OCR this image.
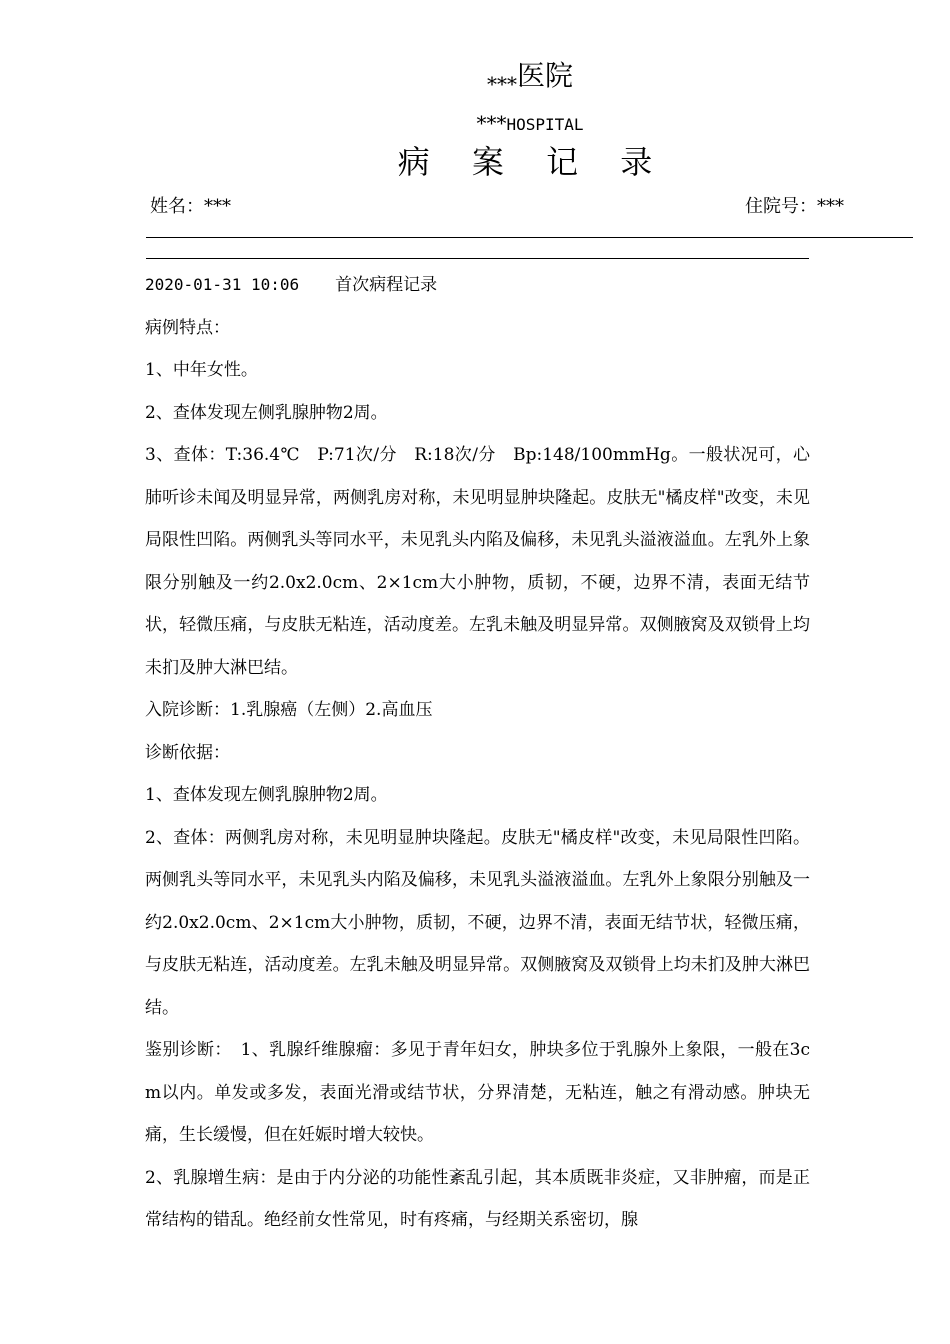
$_{***}$医院
***HOSPITAL
病 案 记 录
姓名：***	住院号：***

2020-01-31 10:06 首次病程记录

病例特点：

1、中年女性。

2、查体发现左侧乳腺肿物2周。

3、查体：T:36.4℃　P:71次/分　R:18次/分　Bp:148/100mmHg。一般状况可，心肺听诊未闻及明显异常，两侧乳房对称，未见明显肿块隆起。皮肤无"橘皮样"改变，未见局限性凹陷。两侧乳头等同水平，未见乳头内陷及偏移，未见乳头溢液溢血。左乳外上象限分别触及一约2.0x2.0cm、2×1cm大小肿物，质韧，不硬，边界不清，表面无结节状，轻微压痛，与皮肤无粘连，活动度差。左乳未触及明显异常。双侧腋窝及双锁骨上均未扪及肿大淋巴结。

入院诊断：1.乳腺癌（左侧）2.高血压

诊断依据：

1、查体发现左侧乳腺肿物2周。

2、查体：两侧乳房对称，未见明显肿块隆起。皮肤无"橘皮样"改变，未见局限性凹陷。两侧乳头等同水平，未见乳头内陷及偏移，未见乳头溢液溢血。左乳外上象限分别触及一约2.0x2.0cm、2×1cm大小肿物，质韧，不硬，边界不清，表面无结节状，轻微压痛，与皮肤无粘连，活动度差。左乳未触及明显异常。双侧腋窝及双锁骨上均未扪及肿大淋巴结。

鉴别诊断：　1、乳腺纤维腺瘤：多见于青年妇女，肿块多位于乳腺外上象限，一般在3cm以内。单发或多发，表面光滑或结节状，分界清楚，无粘连，触之有滑动感。肿块无痛，生长缓慢，但在妊娠时增大较快。

2、乳腺增生病：是由于内分泌的功能性紊乱引起，其本质既非炎症，又非肿瘤，而是正常结构的错乱。绝经前女性常见，时有疼痛，与经期关系密切，腺
